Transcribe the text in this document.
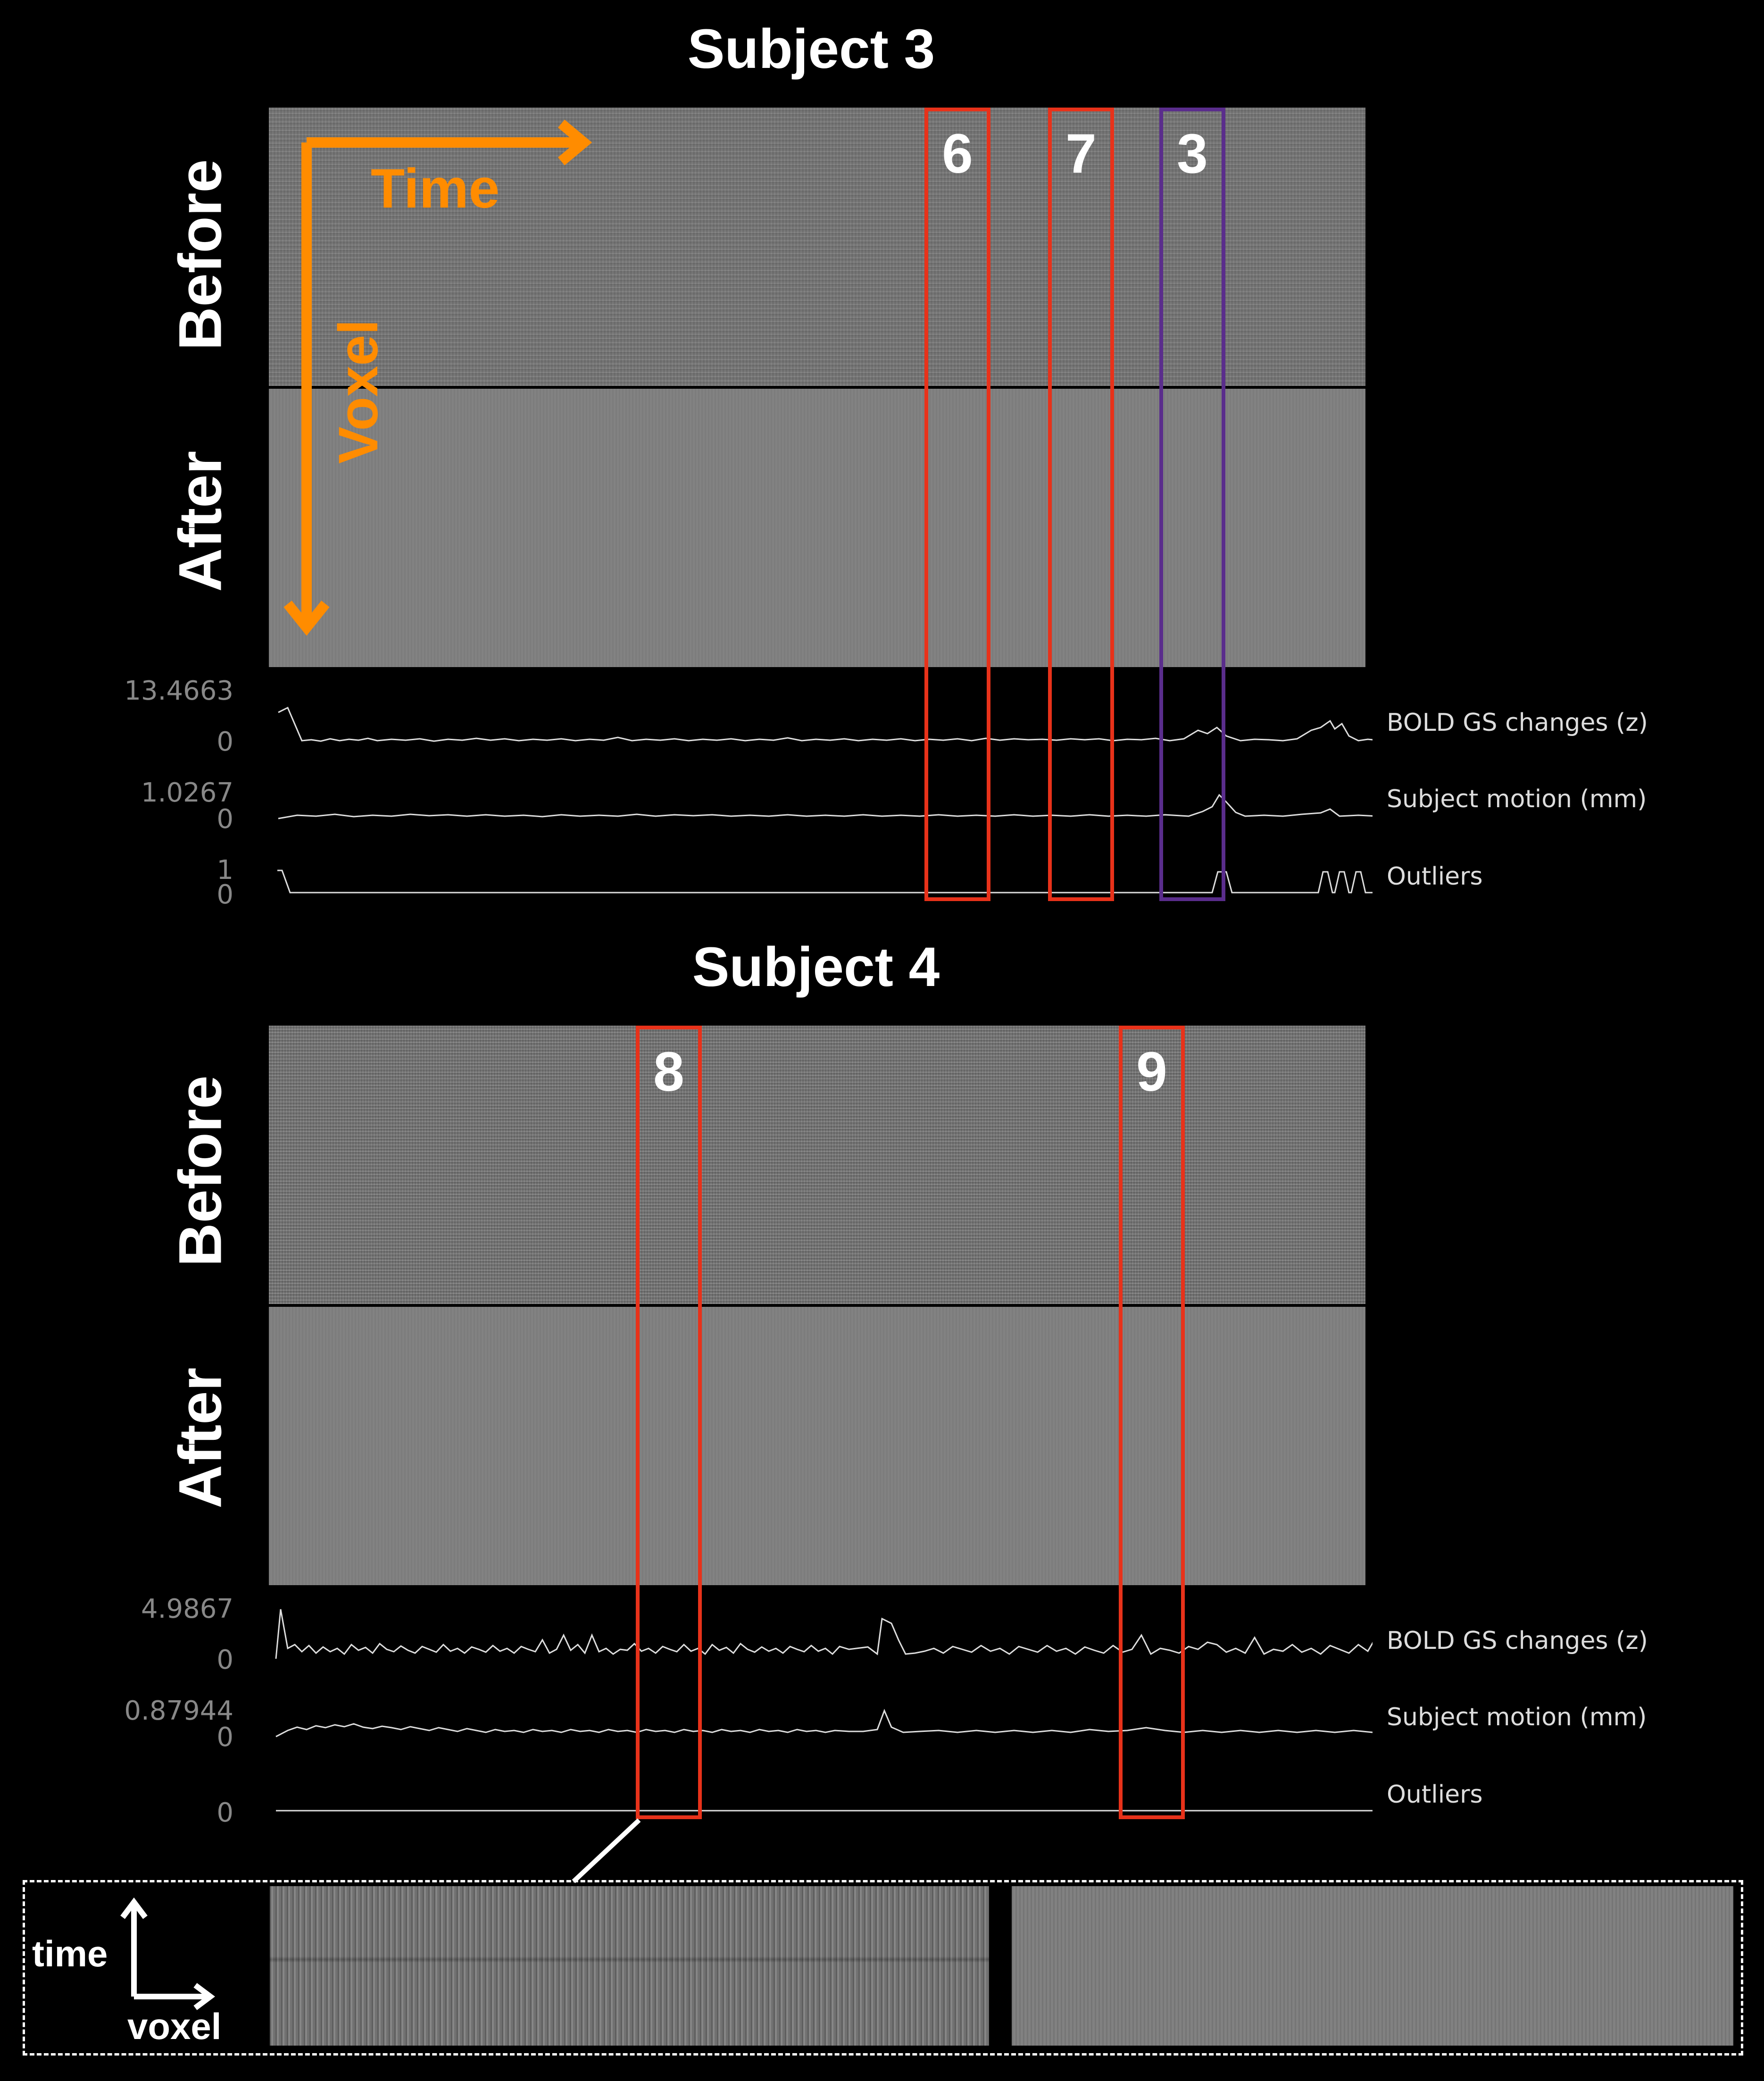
Subject 3
Before
After
Time
Voxel
13.4663
0
1.0267
0
1
0
BOLD GS changes (z)
Subject motion (mm)
Outliers
6 7 3
Subject 4
Before
After
4.9867
0
0.87944
0
0
BOLD GS changes (z)
Subject motion (mm)
Outliers
8	9
time
voxel
